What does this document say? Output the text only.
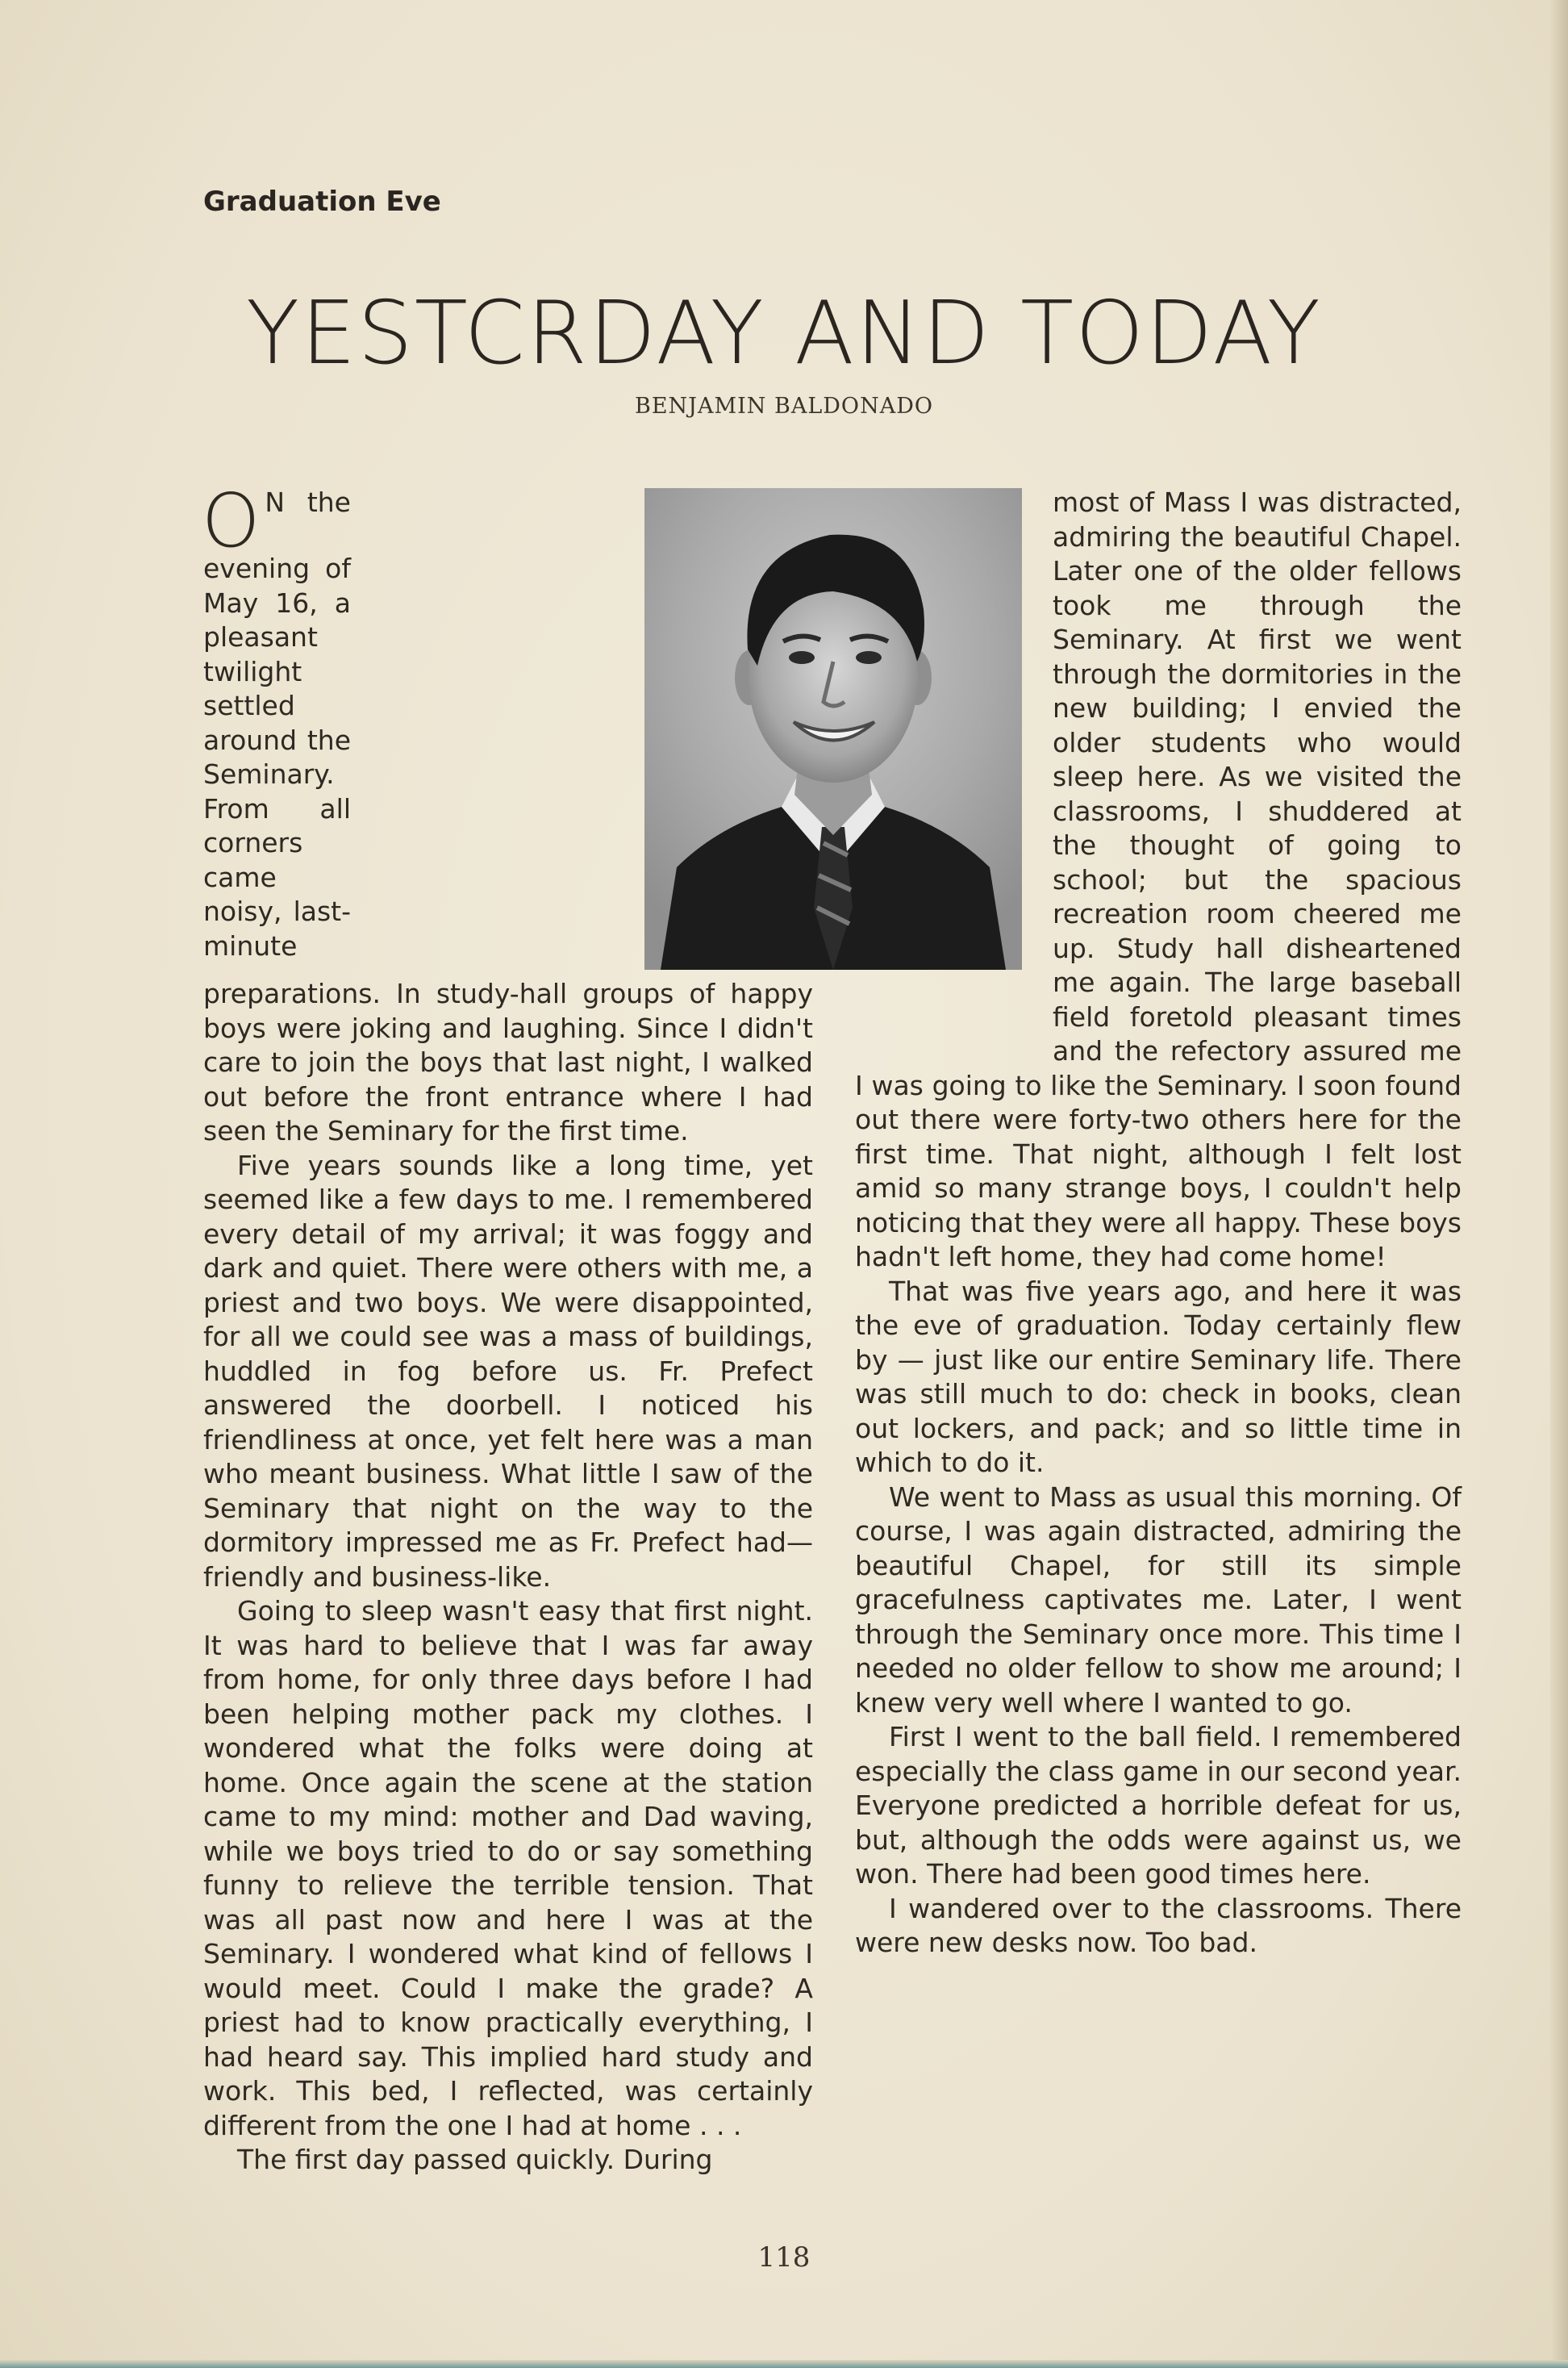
Graduation Eve
YESTCRDAY AND TODAY
BENJAMIN BALDONADO

O N the evening of May 16, a pleasant twilight settled around the Seminary. From all corners came noisy, last-minute preparations. In study-hall groups of happy boys were joking and laughing. Since I didn't care to join the boys that last night, I walked out before the front entrance where I had seen the Seminary for the first time.

Five years sounds like a long time, yet seemed like a few days to me. I remembered every detail of my arrival; it was foggy and dark and quiet. There were others with me, a priest and two boys. We were disappointed, for all we could see was a mass of buildings, huddled in fog before us. Fr. Prefect answered the doorbell. I noticed his friendliness at once, yet felt here was a man who meant business. What little I saw of the Seminary that night on the way to the dormitory impressed me as Fr. Prefect had—friendly and business-like.

Going to sleep wasn't easy that first night. It was hard to believe that I was far away from home, for only three days before I had been helping mother pack my clothes. I wondered what the folks were doing at home. Once again the scene at the station came to my mind: mother and Dad waving, while we boys tried to do or say something funny to relieve the terrible tension. That was all past now and here I was at the Seminary. I wondered what kind of fellows I would meet. Could I make the grade? A priest had to know practically everything, I had heard say. This implied hard study and work. This bed, I reflected, was certainly different from the one I had at home . . .

The first day passed quickly. During

most of Mass I was distracted, admiring the beautiful Chapel. Later one of the older fellows took me through the Seminary. At first we went through the dormitories in the new building; I envied the older students who would sleep here. As we visited the classrooms, I shuddered at the thought of going to school; but the spacious recreation room cheered me up. Study hall disheartened me again. The large baseball field foretold pleasant times and the refectory assured me I was going to like the Seminary. I soon found out there were forty-two others here for the first time. That night, although I felt lost amid so many strange boys, I couldn't help noticing that they were all happy. These boys hadn't left home, they had come home!

That was five years ago, and here it was the eve of graduation. Today certainly flew by — just like our entire Seminary life. There was still much to do: check in books, clean out lockers, and pack; and so little time in which to do it.

We went to Mass as usual this morning. Of course, I was again distracted, admiring the beautiful Chapel, for still its simple gracefulness captivates me. Later, I went through the Seminary once more. This time I needed no older fellow to show me around; I knew very well where I wanted to go.

First I went to the ball field. I remembered especially the class game in our second year. Everyone predicted a horrible defeat for us, but, although the odds were against us, we won. There had been good times here.

I wandered over to the classrooms. There were new desks now. Too bad.

118
